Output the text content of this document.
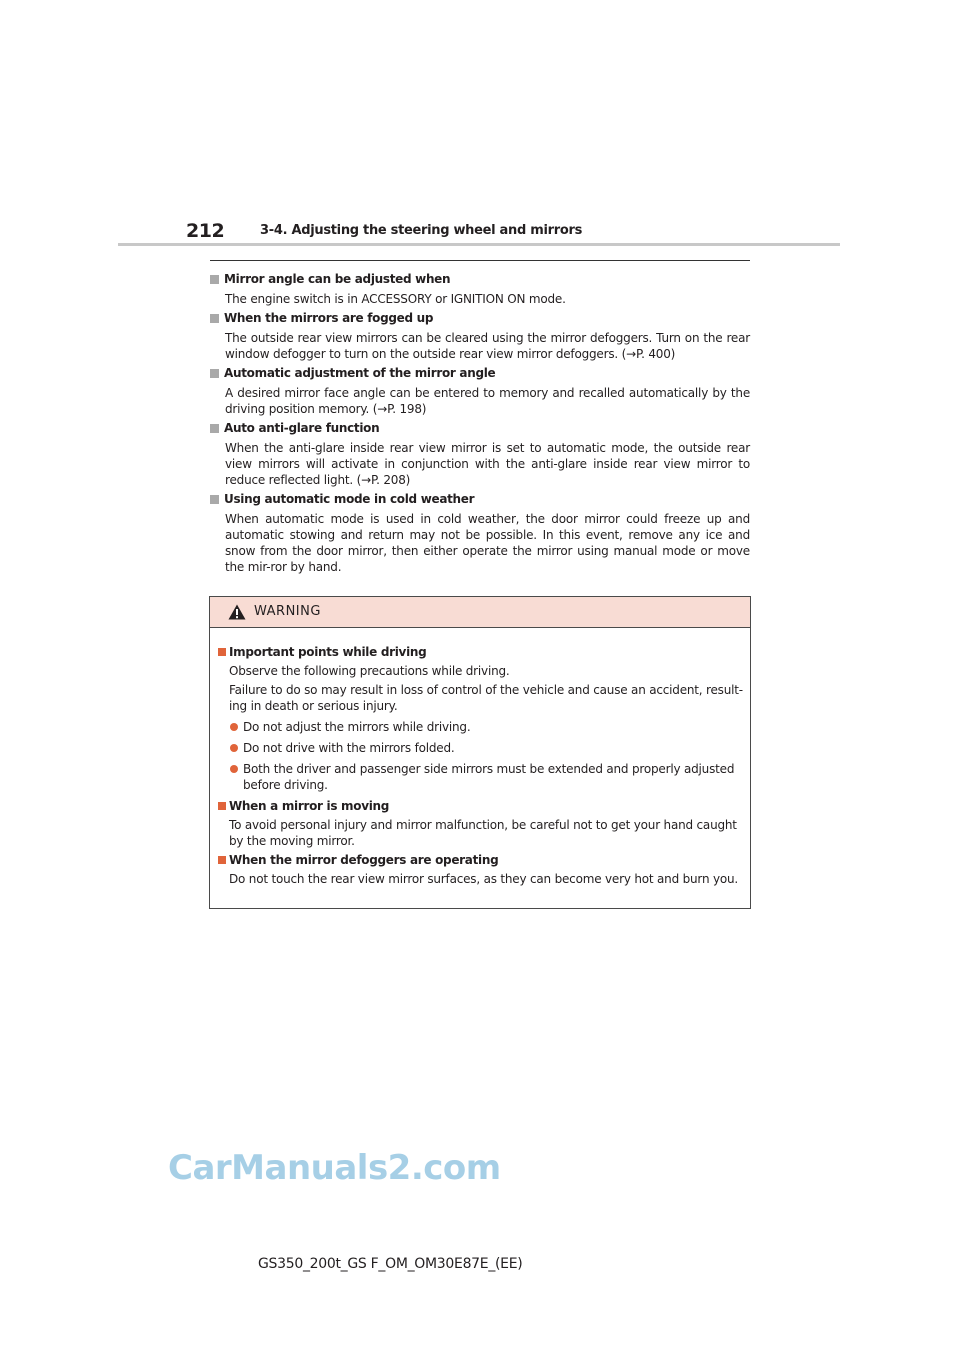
212	3-4. Adjusting the steering wheel and mirrors
Mirror angle can be adjusted when
The engine switch is in ACCESSORY or IGNITION ON mode.
When the mirrors are fogged up
The outside rear view mirrors can be cleared using the mirror defoggers. Turn on the rear window defogger to turn on the outside rear view mirror defoggers. (→P. 400)
Automatic adjustment of the mirror angle
A desired mirror face angle can be entered to memory and recalled automatically by the driving position memory. (→P. 198)
Auto anti-glare function
When the anti-glare inside rear view mirror is set to automatic mode, the outside rear view mirrors will activate in conjunction with the anti-glare inside rear view mirror to reduce reflected light. (→P. 208)
Using automatic mode in cold weather
When automatic mode is used in cold weather, the door mirror could freeze up and automatic stowing and return may not be possible. In this event, remove any ice and snow from the door mirror, then either operate the mirror using manual mode or move the mir-ror by hand.
WARNING
Important points while driving
Observe the following precautions while driving.
Failure to do so may result in loss of control of the vehicle and cause an accident, result-ing in death or serious injury.
Do not adjust the mirrors while driving.
Do not drive with the mirrors folded.
Both the driver and passenger side mirrors must be extended and properly adjusted before driving.
When a mirror is moving
To avoid personal injury and mirror malfunction, be careful not to get your hand caught by the moving mirror.
When the mirror defoggers are operating
Do not touch the rear view mirror surfaces, as they can become very hot and burn you.
CarManuals2.com
GS350_200t_GS F_OM_OM30E87E_(EE)
